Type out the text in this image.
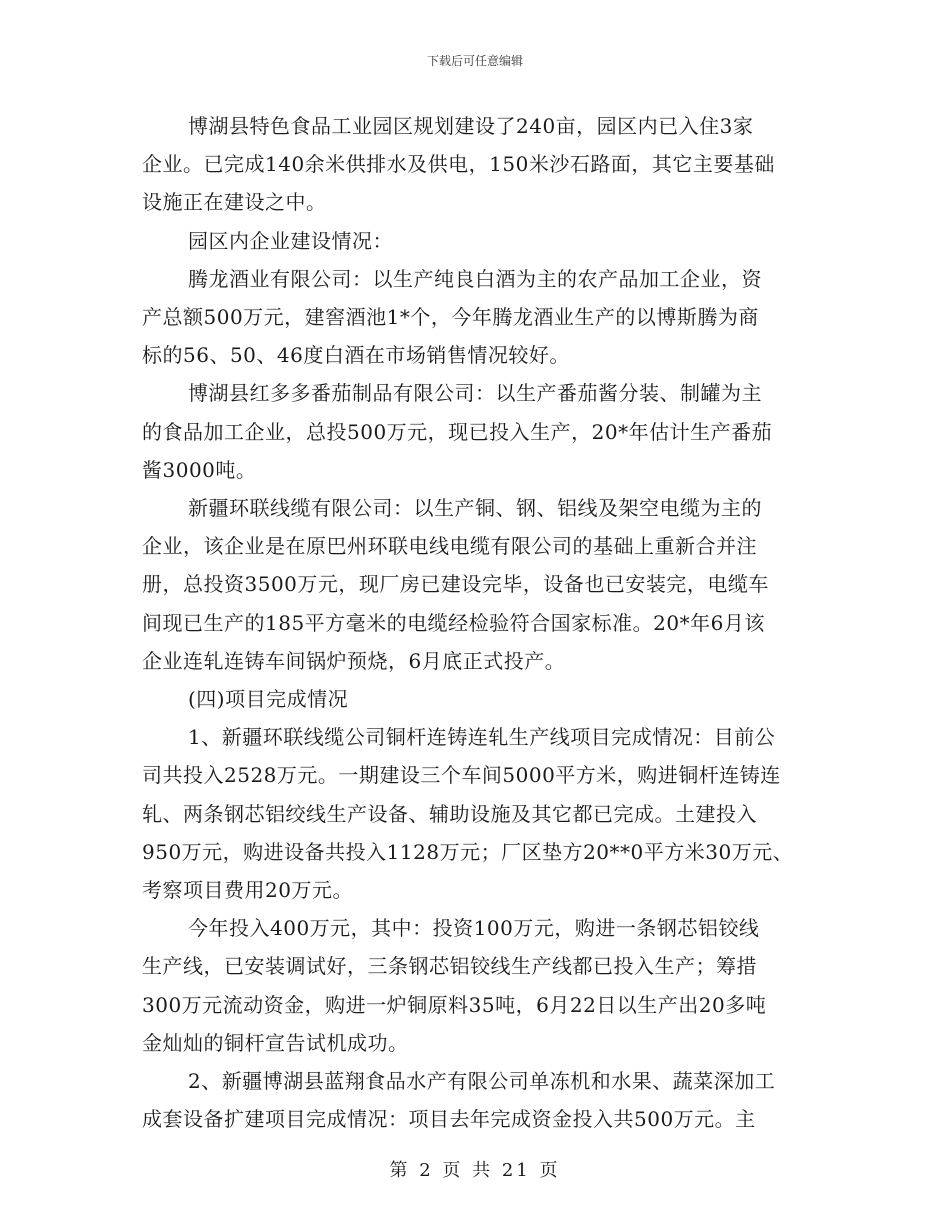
下载后可任意编辑

博湖县特色食品工业园区规划建设了240亩，园区内已入住3家

企业。已完成140余米供排水及供电，150米沙石路面，其它主要基础

设施正在建设之中。

园区内企业建设情况：

腾龙酒业有限公司：以生产纯良白酒为主的农产品加工企业，资

产总额500万元，建窖酒池1*个，今年腾龙酒业生产的以博斯腾为商

标的56、50、46度白酒在市场销售情况较好。

博湖县红多多番茄制品有限公司：以生产番茄酱分装、制罐为主

的食品加工企业，总投500万元，现已投入生产，20*年估计生产番茄

酱3000吨。

新疆环联线缆有限公司：以生产铜、钢、铝线及架空电缆为主的

企业，该企业是在原巴州环联电线电缆有限公司的基础上重新合并注

册，总投资3500万元，现厂房已建设完毕，设备也已安装完，电缆车

间现已生产的185平方毫米的电缆经检验符合国家标准。20*年6月该

企业连轧连铸车间锅炉预烧，6月底正式投产。

(四)项目完成情况

1、新疆环联线缆公司铜杆连铸连轧生产线项目完成情况：目前公

司共投入2528万元。一期建设三个车间5000平方米，购进铜杆连铸连

轧、两条钢芯铝绞线生产设备、辅助设施及其它都已完成。土建投入

950万元，购进设备共投入1128万元；厂区垫方20**0平方米30万元、

考察项目费用20万元。

今年投入400万元，其中：投资100万元，购进一条钢芯铝铰线

生产线，已安装调试好，三条钢芯铝铰线生产线都已投入生产；筹措

300万元流动资金，购进一炉铜原料35吨，6月22日以生产出20多吨

金灿灿的铜杆宣告试机成功。

2、新疆博湖县蓝翔食品水产有限公司单冻机和水果、蔬菜深加工

成套设备扩建项目完成情况：项目去年完成资金投入共500万元。主

第 2 页 共 21 页
